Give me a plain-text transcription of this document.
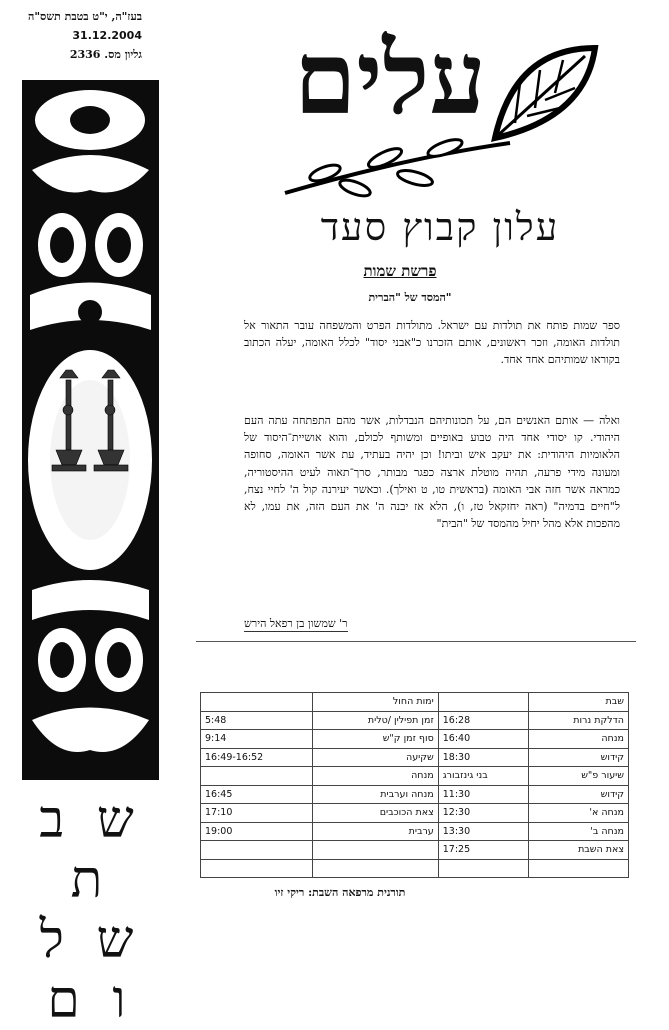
בעז"ה, י"ט בטבת תשס"ה
31.12.2004
גליון מס. 2336
ש ב ת
ש ל ו ם
עלים
עלון קבוץ סעד
פרשת שמות
המסד של "הברית"
ספר שמות פותח את תולדות עם ישראל. מתולדות הפרט והמשפחה עובר התאור אל תולדות האומה, וזכר ראשונים, אותם הזכרנו כ"אבני יסוד" לכלל האומה, יעלה הכתוב בקוראו שמותיהם אחד אחד.
ואלה — אותם האנשים הם, על תכונותיהם הנבדלות, אשר מהם התפתחה עתה העם היהודי. קו יסודי אחד היה טבוע באופיים ומשותף לכולם, והוא אושיית־היסוד של הלאומיות היהודית: את יעקב איש וביתו! וכן יהיה בעתיד, עת אשר האומה, סחופה ומעונה מידי פרעה, תהיה מוטלת ארצה כפגר מבותר, סרך־תאוה לעיט ההיסטוריה, כמראה אשר חזה אבי האומה (בראשית טו, ט ואילך). וכאשר יעירנה קול ה' לחיי נצח, ל"חיים בדמיה" (ראה יחזקאל טז, ו), הלא אז יבנה ה' את העם הזה, את עמו, לא מהפכות אלא מהל יחיל מהמסד של "הבית"
ר' שמשון בן רפאל הירש
שבת		ימות החול	
הדלקת נרות	16:28	זמן תפילין /טלית	5:48
מנחה	16:40	סוף זמן ק"ש	9:14
קידוש	18:30	שקיעה	16:49-16:52
שיעור פ"ש	בני גינזבורג	מנחה	
קידוש	11:30	מנחה וערבית	16:45
מנחה א'	12:30	צאת הכוכבים	17:10
מנחה ב'	13:30	ערבית	19:00
צאת השבת	17:25		

תורנית מרפאה השבת: ריקי זיו
